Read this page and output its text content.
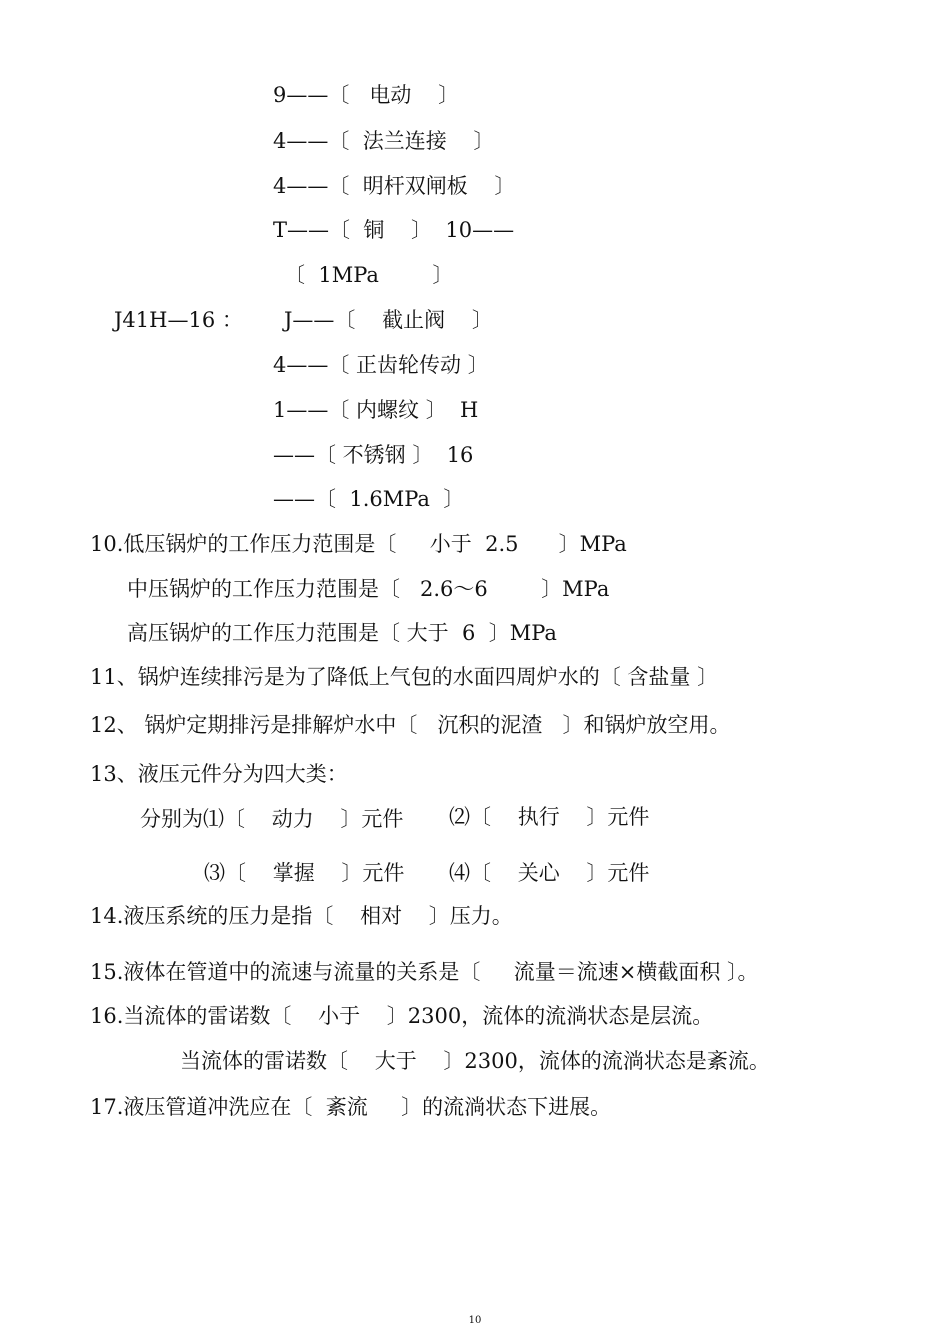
9——〔   电动    〕
4——〔  法兰连接    〕
4——〔  明杆双闸板    〕
T——〔  铜    〕  10——
〔  1MPa        〕
J41H—16 ： J——〔    截止阀    〕
4——〔 正齿轮传动 〕
1——〔 内螺纹 〕  H
——〔 不锈钢 〕  16
——〔  1.6MPa  〕
10.低压锅炉的工作压力范围是〔     小于  2.5      〕MPa
中压锅炉的工作压力范围是〔   2.6～6        〕MPa
高压锅炉的工作压力范围是〔 大于  6  〕MPa
11、锅炉连续排污是为了降低上气包的水面四周炉水的〔 含盐量 〕
12、 锅炉定期排污是排解炉水中〔   沉积的泥渣   〕和锅炉放空用。
13、液压元件分为四大类：
分别为⑴〔    动力    〕元件 ⑵〔    执行    〕元件
⑶〔    掌握    〕元件 ⑷〔    关心    〕元件
14.液压系统的压力是指〔    相对    〕压力。
15.液体在管道中的流速与流量的关系是〔     流量＝流速×横截面积 〕。
16.当流体的雷诺数〔    小于    〕2300，流体的流淌状态是层流。
当流体的雷诺数〔    大于    〕2300，流体的流淌状态是紊流。
17.液压管道冲洗应在〔  紊流     〕的流淌状态下进展。
10
